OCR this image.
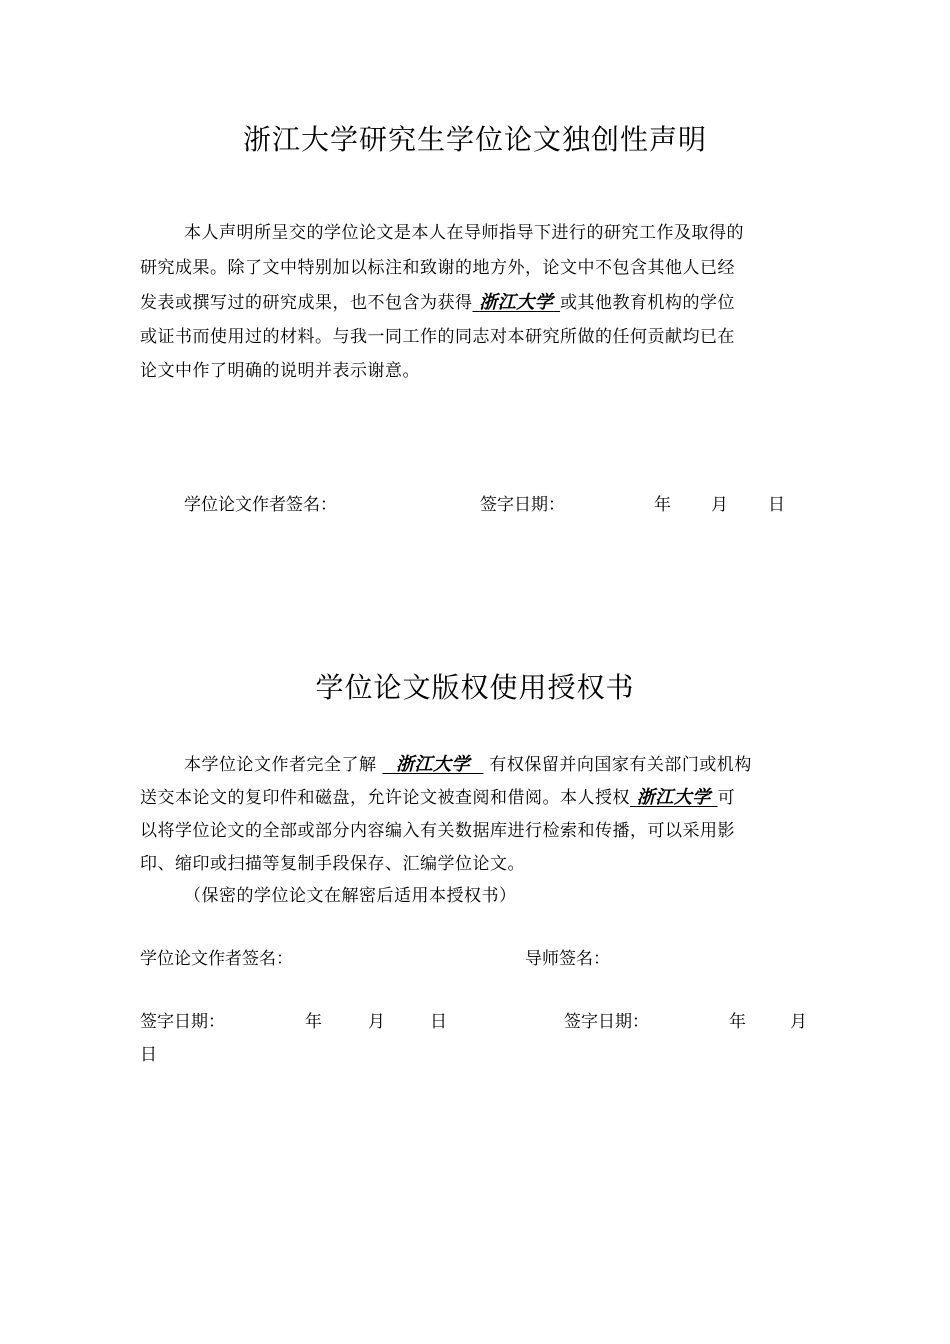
浙江大学研究生学位论文独创性声明
本人声明所呈交的学位论文是本人在导师指导下进行的研究工作及取得的
研究成果。除了文中特别加以标注和致谢的地方外，论文中不包含其他人已经
发表或撰写过的研究成果，也不包含为获得 浙江大学 或其他教育机构的学位
或证书而使用过的材料。与我一同工作的同志对本研究所做的任何贡献均已在
论文中作了明确的说明并表示谢意。
学位论文作者签名：	签字日期：	年 月 日
学位论文版权使用授权书
本学位论文作者完全了解 浙江大学 有权保留并向国家有关部门或机构
送交本论文的复印件和磁盘，允许论文被查阅和借阅。本人授权 浙江大学 可
以将学位论文的全部或部分内容编入有关数据库进行检索和传播，可以采用影
印、缩印或扫描等复制手段保存、汇编学位论文。
（保密的学位论文在解密后适用本授权书）
学位论文作者签名：	导师签名：
签字日期：	年	月	日	签字日期：	年	月
日
